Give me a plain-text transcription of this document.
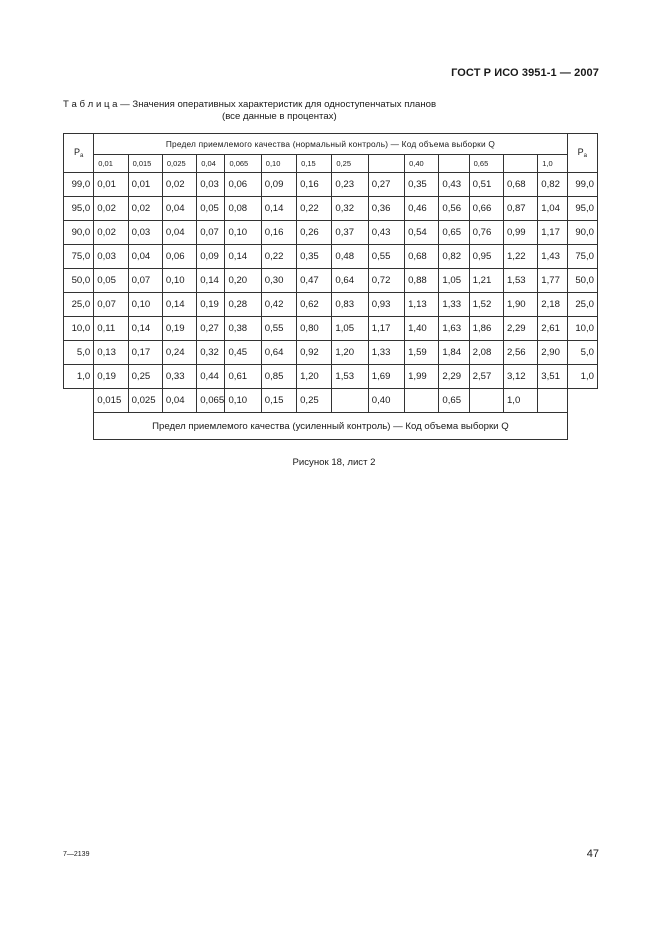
ГОСТ Р ИСО 3951-1 — 2007
Т а б л и ц а — Значения оперативных характеристик для одноступенчатых планов
(все данные в процентах)
$P_a$	Предел приемлемого качества (нормальный контроль) — Код объема выборки Q														$P_a$
	0,01	0,015	0,025	0,04	0,065	0,10	0,15	0,25		0,40		0,65		1,0	
99,0	0,01	0,01	0,02	0,03	0,06	0,09	0,16	0,23	0,27	0,35	0,43	0,51	0,68	0,82	99,0
95,0	0,02	0,02	0,04	0,05	0,08	0,14	0,22	0,32	0,36	0,46	0,56	0,66	0,87	1,04	95,0
90,0	0,02	0,03	0,04	0,07	0,10	0,16	0,26	0,37	0,43	0,54	0,65	0,76	0,99	1,17	90,0
75,0	0,03	0,04	0,06	0,09	0,14	0,22	0,35	0,48	0,55	0,68	0,82	0,95	1,22	1,43	75,0
50,0	0,05	0,07	0,10	0,14	0,20	0,30	0,47	0,64	0,72	0,88	1,05	1,21	1,53	1,77	50,0
25,0	0,07	0,10	0,14	0,19	0,28	0,42	0,62	0,83	0,93	1,13	1,33	1,52	1,90	2,18	25,0
10,0	0,11	0,14	0,19	0,27	0,38	0,55	0,80	1,05	1,17	1,40	1,63	1,86	2,29	2,61	10,0
5,0	0,13	0,17	0,24	0,32	0,45	0,64	0,92	1,20	1,33	1,59	1,84	2,08	2,56	2,90	5,0
1,0	0,19	0,25	0,33	0,44	0,61	0,85	1,20	1,53	1,69	1,99	2,29	2,57	3,12	3,51	1,0
	0,015	0,025	0,04	0,065	0,10	0,15	0,25		0,40		0,65		1,0		
	Предел приемлемого качества (усиленный контроль) — Код объема выборки Q														
Рисунок 18, лист 2
7—2139	47
